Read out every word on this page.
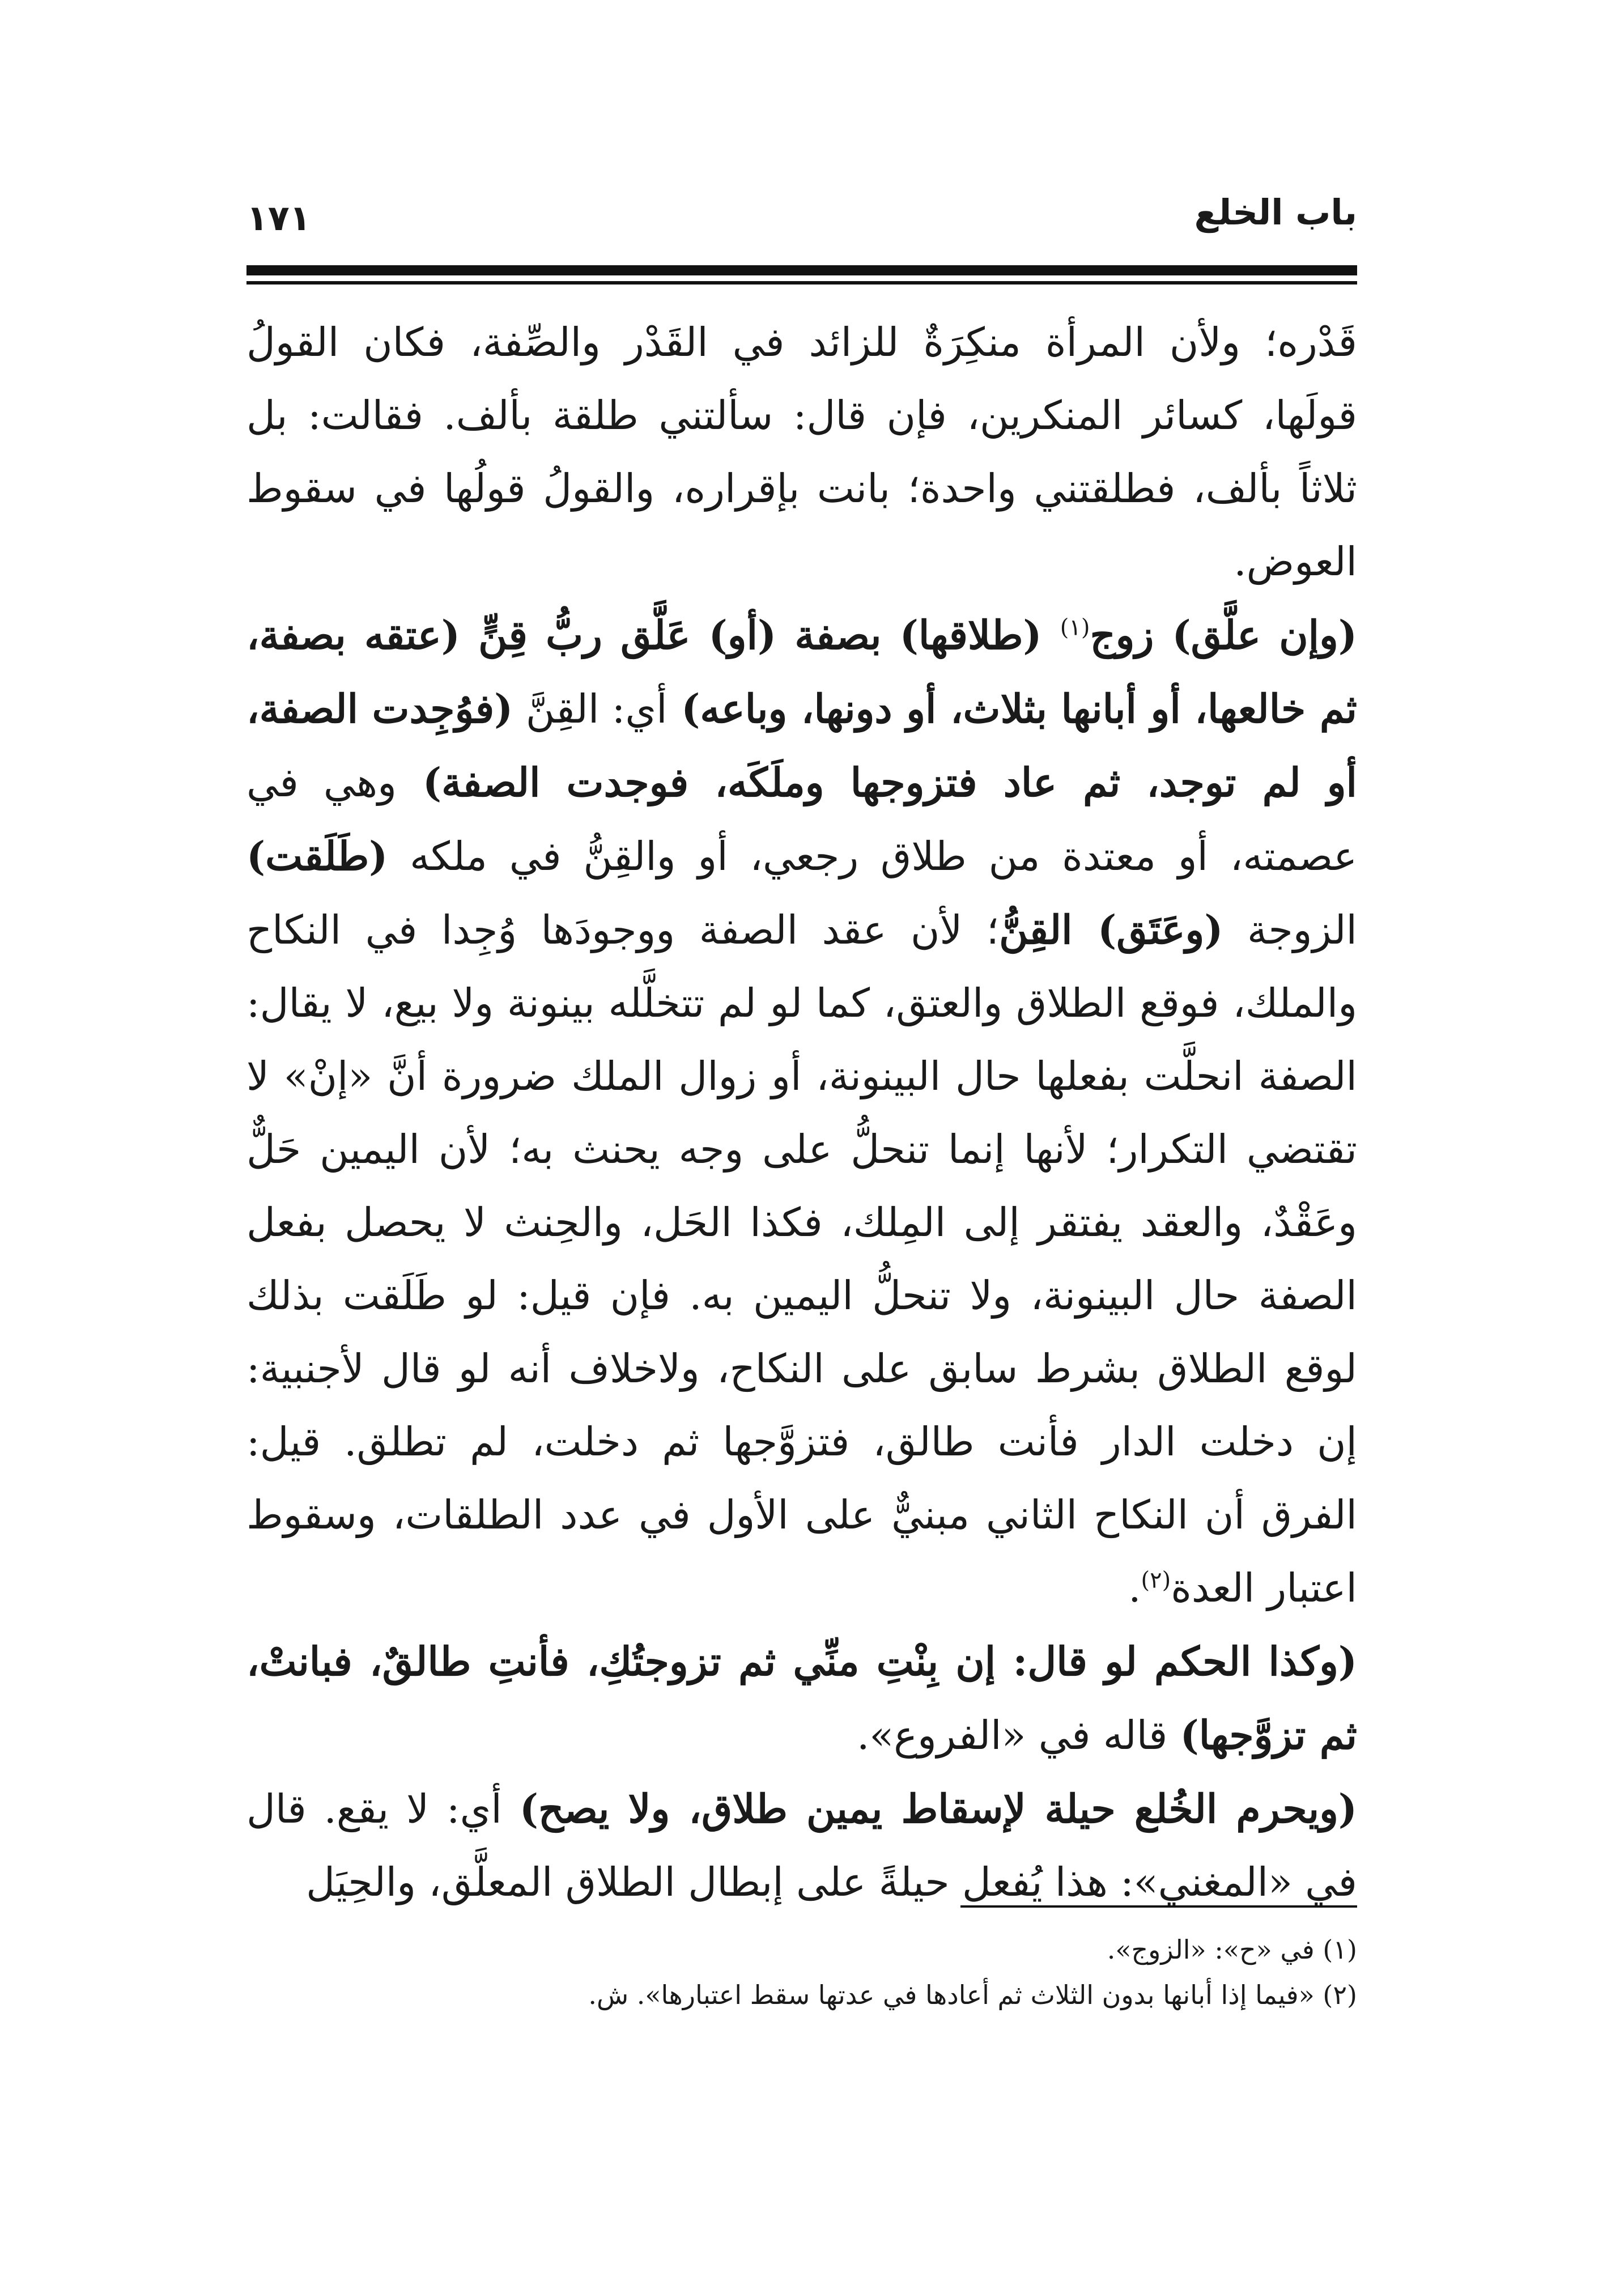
باب الخلع
١٧١

قَدْره؛ ولأن المرأة منكِرَةٌ للزائد في القَدْر والصِّفة، فكان القولُ قولَها، كسائر المنكرين، فإن قال: سألتني طلقة بألف. فقالت: بل ثلاثاً بألف، فطلقتني واحدة؛ بانت بإقراره، والقولُ قولُها في سقوط العوض.

(وإن علَّق) زوج$^{(١)}$ (طلاقها) بصفة (أو) عَلَّق ربُّ قِنٍّ (عتقه بصفة، ثم خالعها، أو أبانها بثلاث، أو دونها، وباعه) أي: القِنَّ (فوُجِدت الصفة، أو لم توجد، ثم عاد فتزوجها وملَكَه، فوجدت الصفة) وهي في عصمته، أو معتدة من طلاق رجعي، أو والقِنُّ في ملكه (طَلَقت) الزوجة (وعَتَق) القِنُّ؛ لأن عقد الصفة ووجودَها وُجِدا في النكاح والملك، فوقع الطلاق والعتق، كما لو لم تتخلَّله بينونة ولا بيع، لا يقال: الصفة انحلَّت بفعلها حال البينونة، أو زوال الملك ضرورة أنَّ «إنْ» لا تقتضي التكرار؛ لأنها إنما تنحلُّ على وجه يحنث به؛ لأن اليمين حَلٌّ وعَقْدٌ، والعقد يفتقر إلى المِلك، فكذا الحَل، والحِنث لا يحصل بفعل الصفة حال البينونة، ولا تنحلُّ اليمين به. فإن قيل: لو طَلَقت بذلك لوقع الطلاق بشرط سابق على النكاح، ولاخلاف أنه لو قال لأجنبية: إن دخلت الدار فأنت طالق، فتزوَّجها ثم دخلت، لم تطلق. قيل: الفرق أن النكاح الثاني مبنيٌّ على الأول في عدد الطلقات، وسقوط اعتبار العدة$^{(٢)}$.

(وكذا الحكم لو قال: إن بِنْتِ منِّي ثم تزوجتُكِ، فأنتِ طالقٌ، فبانتْ، ثم تزوَّجها) قاله في «الفروع».

(ويحرم الخُلع حيلة لإسقاط يمين طلاق، ولا يصح) أي: لا يقع. قال في «المغني»: هذا يُفعل حيلةً على إبطال الطلاق المعلَّق، والحِيَل

(١) في «ح»: «الزوج».

(٢) «فيما إذا أبانها بدون الثلاث ثم أعادها في عدتها سقط اعتبارها». ش.
